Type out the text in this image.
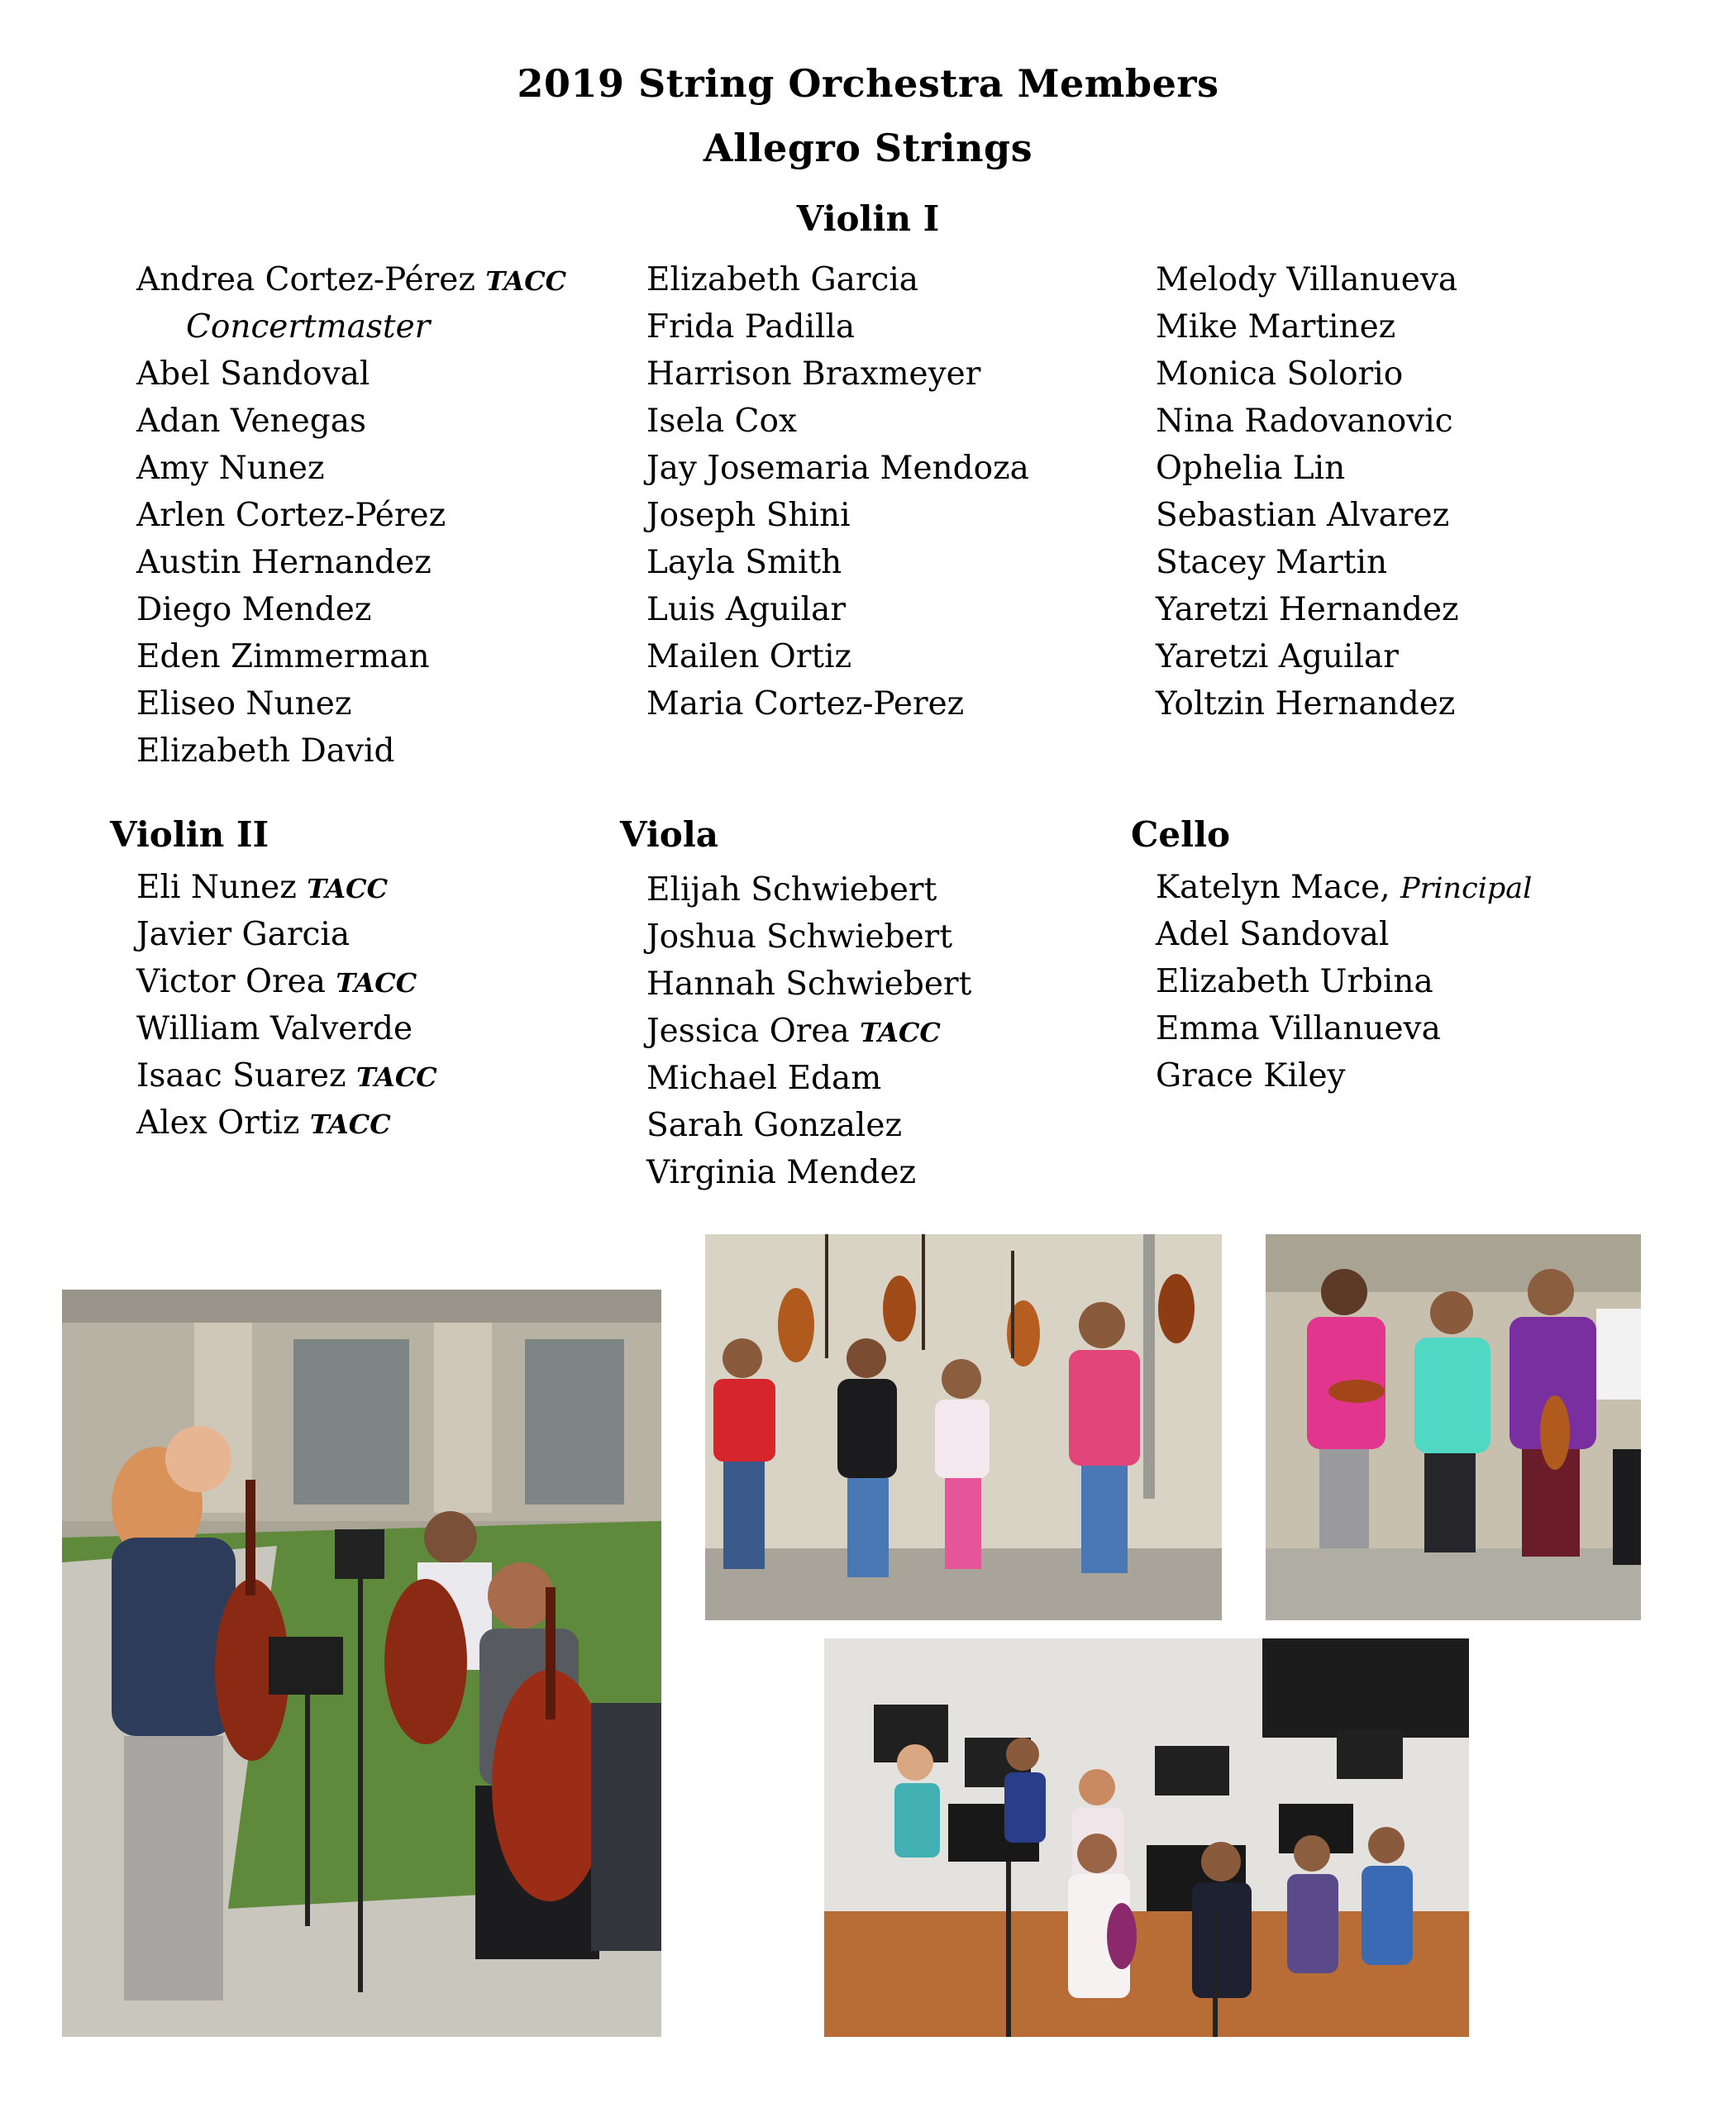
2019 String Orchestra Members
Allegro Strings
Violin I
Andrea Cortez-Pérez TACC
Concertmaster
Abel Sandoval
Adan Venegas
Amy Nunez
Arlen Cortez-Pérez
Austin Hernandez
Diego Mendez
Eden Zimmerman
Eliseo Nunez
Elizabeth David
Elizabeth Garcia
Frida Padilla
Harrison Braxmeyer
Isela Cox
Jay Josemaria Mendoza
Joseph Shini
Layla Smith
Luis Aguilar
Mailen Ortiz
Maria Cortez-Perez
Melody Villanueva
Mike Martinez
Monica Solorio
Nina Radovanovic
Ophelia Lin
Sebastian Alvarez
Stacey Martin
Yaretzi Hernandez
Yaretzi Aguilar
Yoltzin Hernandez
Violin II
Eli Nunez TACC
Javier Garcia
Victor Orea TACC
William Valverde
Isaac Suarez TACC
Alex Ortiz TACC
Viola
Elijah Schwiebert
Joshua Schwiebert
Hannah Schwiebert
Jessica Orea TACC
Michael Edam
Sarah Gonzalez
Virginia Mendez
Cello
Katelyn Mace, Principal
Adel Sandoval
Elizabeth Urbina
Emma Villanueva
Grace Kiley
